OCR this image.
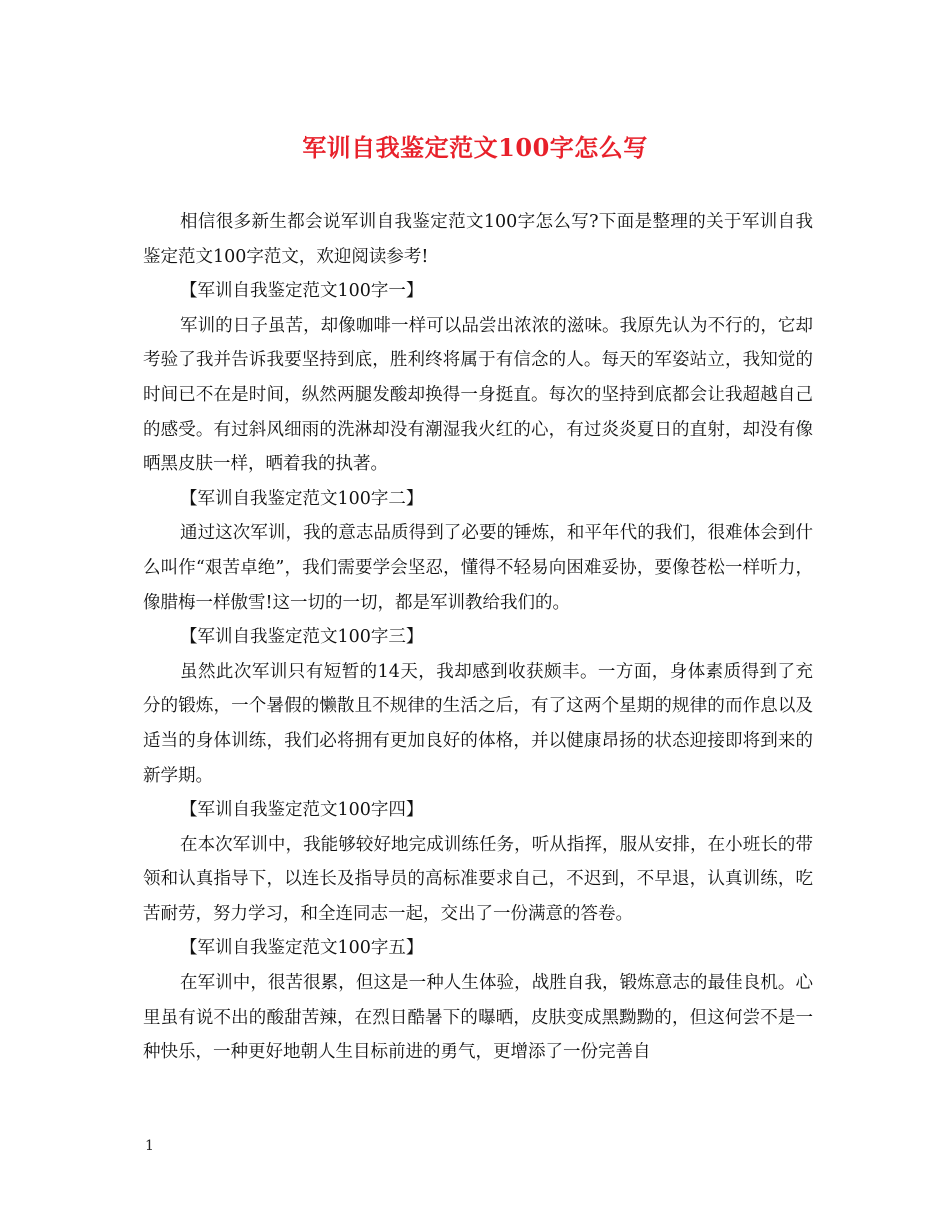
军训自我鉴定范文100字怎么写

相信很多新生都会说军训自我鉴定范文100字怎么写?下面是整理的关于军训自我鉴定范文100字范文，欢迎阅读参考!

【军训自我鉴定范文100字一】

军训的日子虽苦，却像咖啡一样可以品尝出浓浓的滋味。我原先认为不行的，它却考验了我并告诉我要坚持到底，胜利终将属于有信念的人。每天的军姿站立，我知觉的时间已不在是时间，纵然两腿发酸却换得一身挺直。每次的坚持到底都会让我超越自己的感受。有过斜风细雨的洗淋却没有潮湿我火红的心，有过炎炎夏日的直射，却没有像晒黑皮肤一样，晒着我的执著。

【军训自我鉴定范文100字二】

通过这次军训，我的意志品质得到了必要的锤炼，和平年代的我们，很难体会到什么叫作“艰苦卓绝”，我们需要学会坚忍，懂得不轻易向困难妥协，要像苍松一样听力，像腊梅一样傲雪!这一切的一切，都是军训教给我们的。

【军训自我鉴定范文100字三】

虽然此次军训只有短暂的14天，我却感到收获颇丰。一方面，身体素质得到了充分的锻炼，一个暑假的懒散且不规律的生活之后，有了这两个星期的规律的而作息以及适当的身体训练，我们必将拥有更加良好的体格，并以健康昂扬的状态迎接即将到来的新学期。

【军训自我鉴定范文100字四】

在本次军训中，我能够较好地完成训练任务，听从指挥，服从安排，在小班长的带领和认真指导下，以连长及指导员的高标准要求自己，不迟到，不早退，认真训练，吃苦耐劳，努力学习，和全连同志一起，交出了一份满意的答卷。

【军训自我鉴定范文100字五】

在军训中，很苦很累，但这是一种人生体验，战胜自我，锻炼意志的最佳良机。心里虽有说不出的酸甜苦辣，在烈日酷暑下的曝晒，皮肤变成黑黝黝的，但这何尝不是一种快乐，一种更好地朝人生目标前进的勇气，更增添了一份完善自

1
